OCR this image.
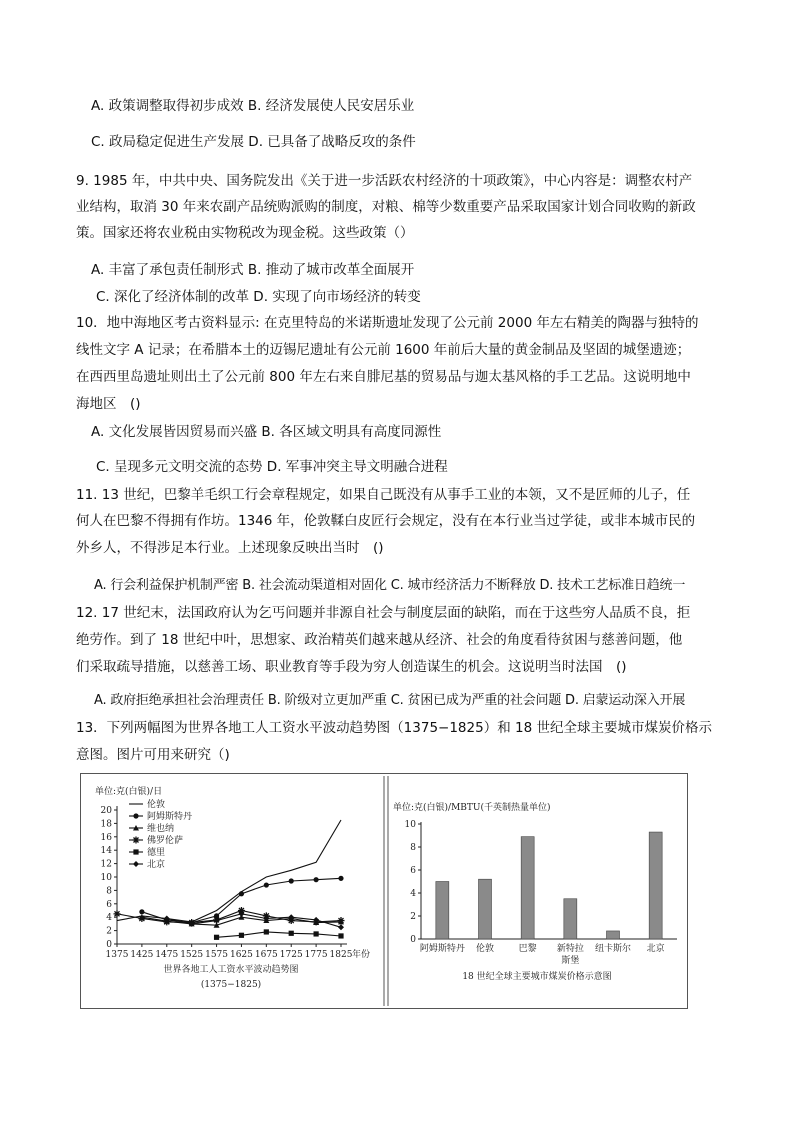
A. 政策调整取得初步成效 B. 经济发展使人民安居乐业
C. 政局稳定促进生产发展 D. 已具备了战略反攻的条件
9. 1985 年，中共中央、国务院发出《关于进一步活跃农村经济的十项政策》，中心内容是：调整农村产
业结构，取消 30 年来农副产品统购派购的制度，对粮、棉等少数重要产品采取国家计划合同收购的新政
策。国家还将农业税由实物税改为现金税。这些政策（）
A. 丰富了承包责任制形式 B. 推动了城市改革全面展开
C. 深化了经济体制的改革 D. 实现了向市场经济的转变
10．地中海地区考古资料显示: 在克里特岛的米诺斯遗址发现了公元前 2000 年左右精美的陶器与独特的
线性文字 A 记录；在希腊本土的迈锡尼遗址有公元前 1600 年前后大量的黄金制品及坚固的城堡遗迹；
在西西里岛遗址则出土了公元前 800 年左右来自腓尼基的贸易品与迦太基风格的手工艺品。这说明地中
海地区　()
A. 文化发展皆因贸易而兴盛 B. 各区域文明具有高度同源性
C. 呈现多元文明交流的态势 D. 军事冲突主导文明融合进程
11. 13 世纪，巴黎羊毛织工行会章程规定，如果自己既没有从事手工业的本领，又不是匠师的儿子，任
何人在巴黎不得拥有作坊。1346 年，伦敦鞣白皮匠行会规定，没有在本行业当过学徒，或非本城市民的
外乡人，不得涉足本行业。上述现象反映出当时　()
A. 行会利益保护机制严密 B. 社会流动渠道相对固化 C. 城市经济活力不断释放 D. 技术工艺标准日趋统一
12. 17 世纪末，法国政府认为乞丐问题并非源自社会与制度层面的缺陷，而在于这些穷人品质不良，拒
绝劳作。到了 18 世纪中叶，思想家、政治精英们越来越从经济、社会的角度看待贫困与慈善问题，他
们采取疏导措施，以慈善工场、职业教育等手段为穷人创造谋生的机会。这说明当时法国　()
A. 政府拒绝承担社会治理责任 B. 阶级对立更加严重 C. 贫困已成为严重的社会问题 D. 启蒙运动深入开展
13．下列两幅图为世界各地工人工资水平波动趋势图（1375−1825）和 18 世纪全球主要城市煤炭价格示
意图。图片可用来研究（)
单位:克(白银)/日
0
2
4
6
8
10
12
14
16
18
20
1375 1425 1475 1525 1575 1625 1675 1725 1775 1825 年份
世界各地工人工资水平波动趋势图
(1375−1825)
伦敦
阿姆斯特丹
维也纳
佛罗伦萨
德里
北京
单位:克(白银)/MBTU(千英制热量单位)
0
2
4
6
8
10
阿姆斯特丹 伦敦	巴黎 新特拉
斯堡
纽卡斯尔 北京
18 世纪全球主要城市煤炭价格示意图
